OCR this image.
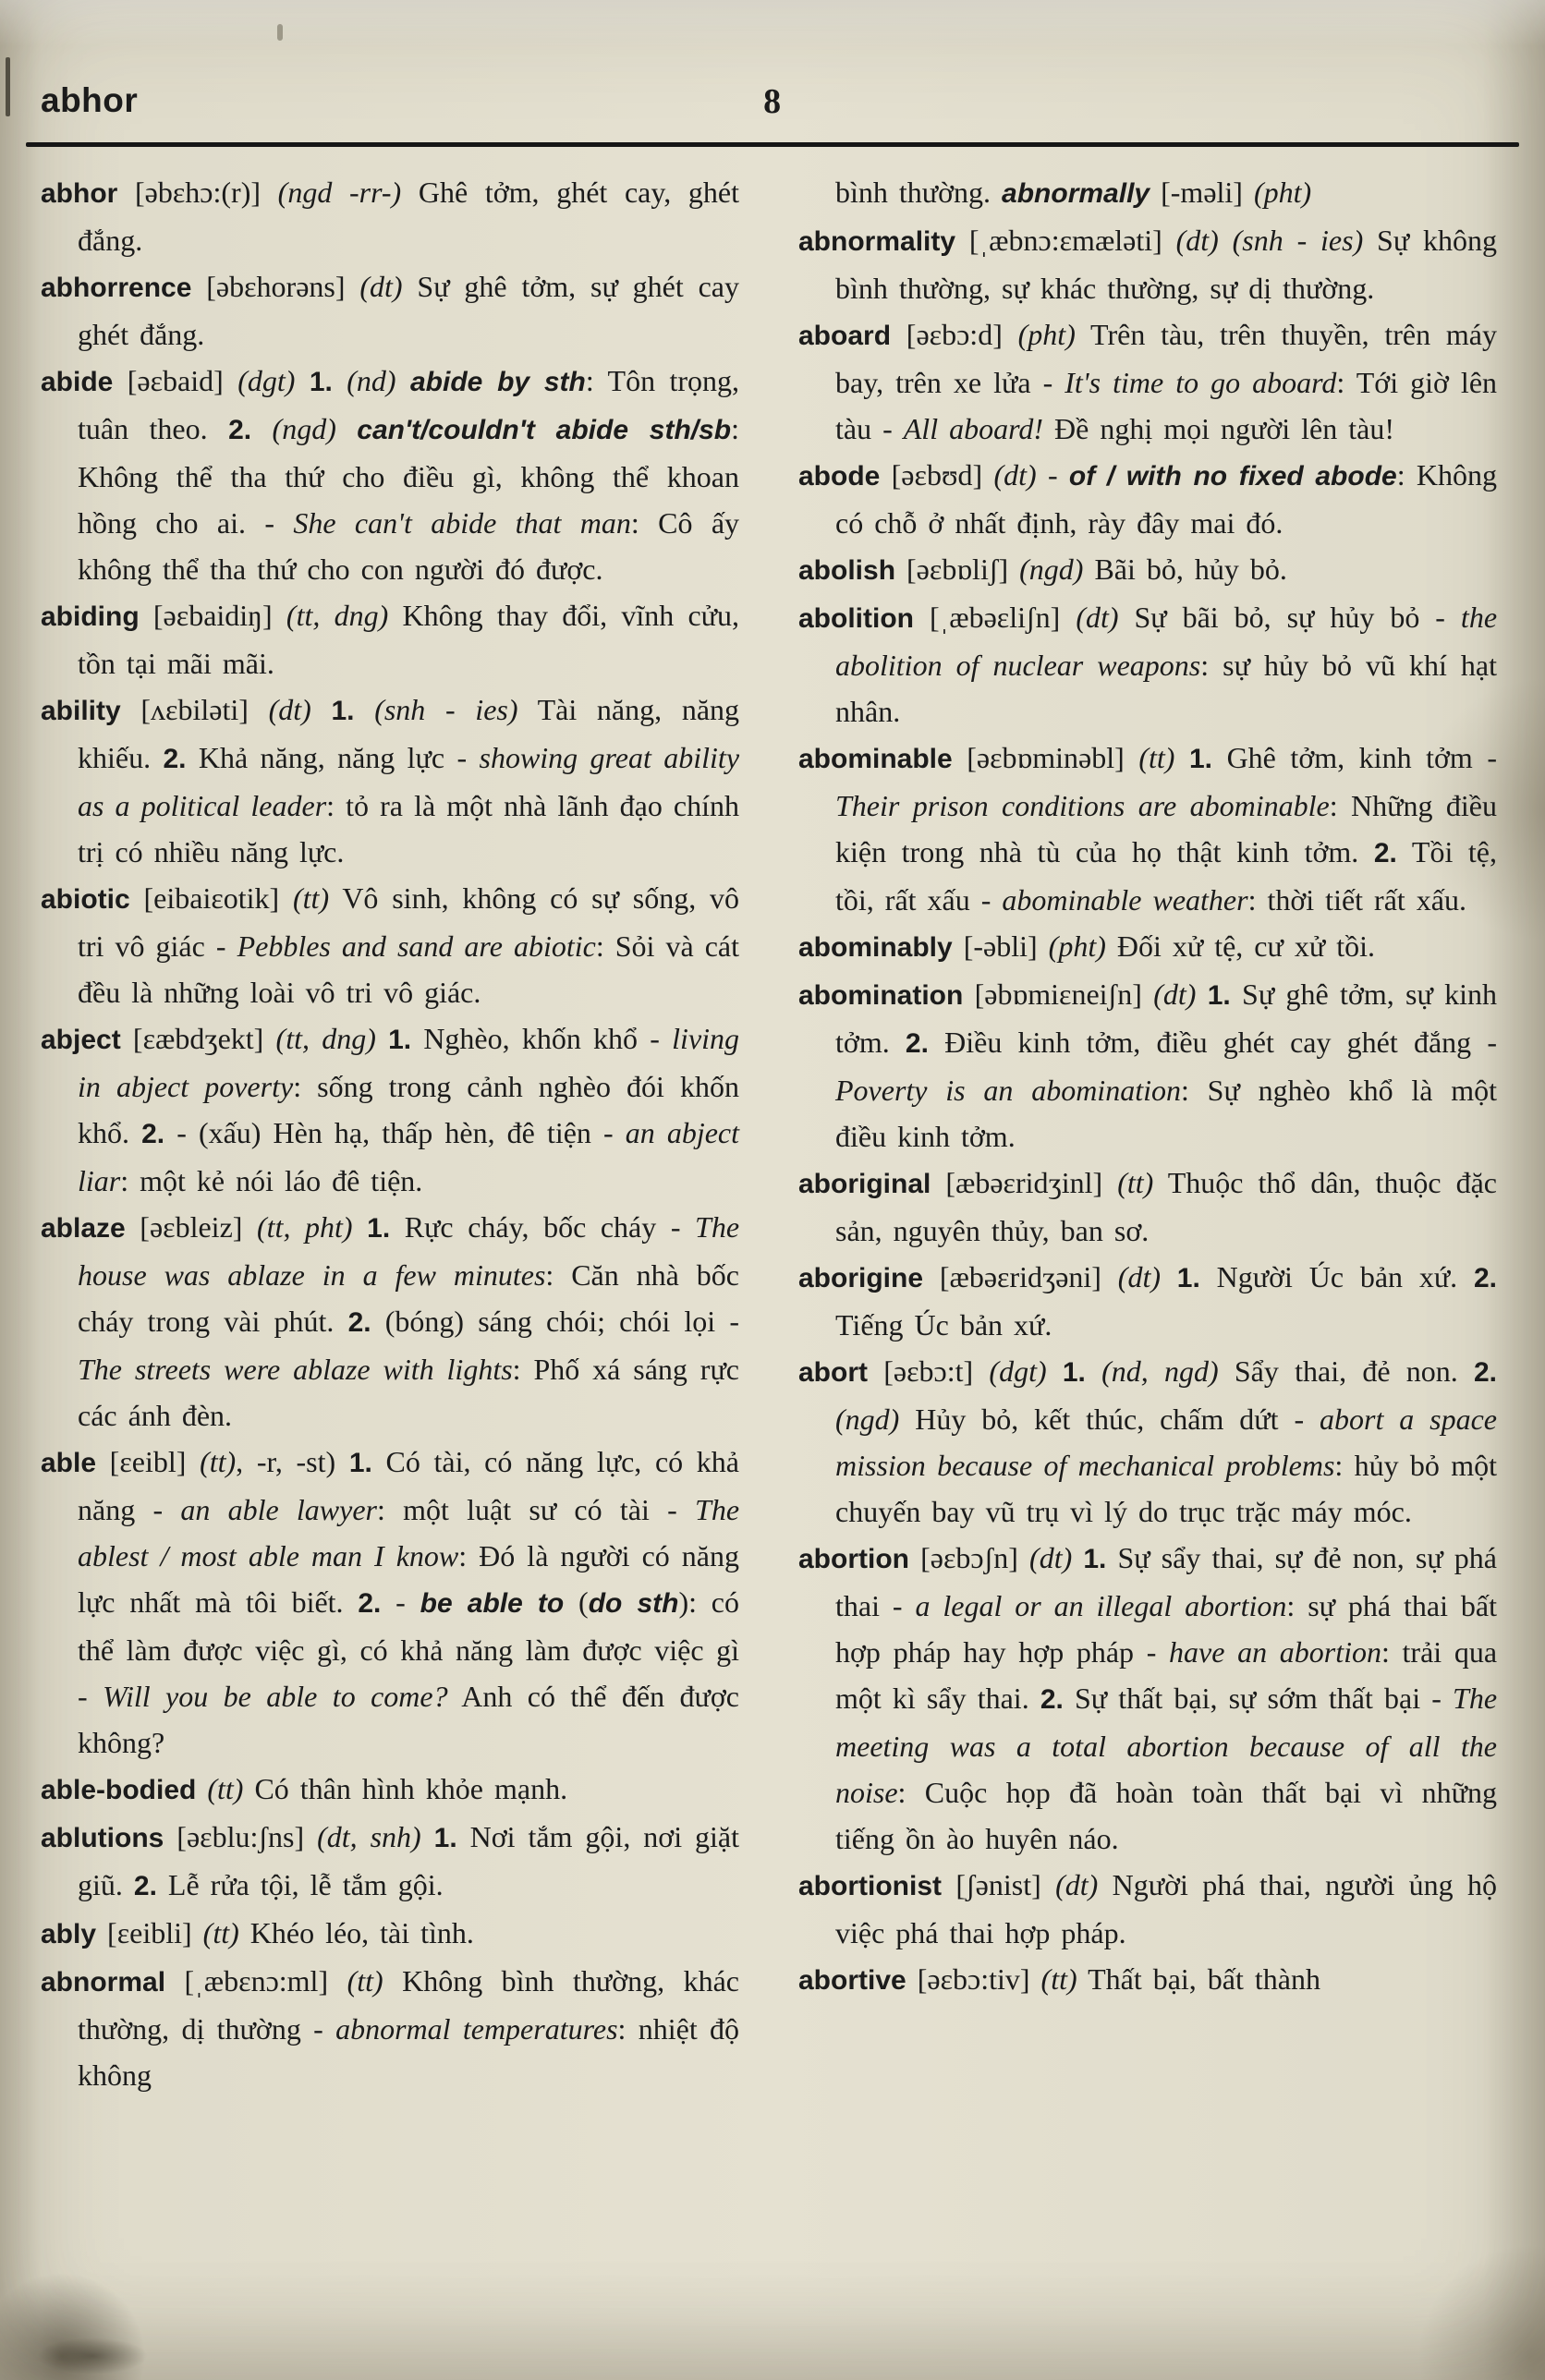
abhor	8

abhor [əbɛhɔ:(r)] (ngd -rr-) Ghê tởm, ghét cay, ghét đắng.

abhorrence [əbɛhorəns] (dt) Sự ghê tởm, sự ghét cay ghét đắng.

abide [əɛbaid] (dgt) 1. (nd) abide by sth: Tôn trọng, tuân theo. 2. (ngd) can't/couldn't abide sth/sb: Không thể tha thứ cho điều gì, không thể khoan hồng cho ai. - She can't abide that man: Cô ấy không thể tha thứ cho con người đó được.

abiding [əɛbaidiŋ] (tt, dng) Không thay đổi, vĩnh cửu, tồn tại mãi mãi.

ability [ʌɛbiləti] (dt) 1. (snh - ies) Tài năng, năng khiếu. 2. Khả năng, năng lực - showing great ability as a political leader: tỏ ra là một nhà lãnh đạo chính trị có nhiều năng lực.

abiotic [eibaiɛotik] (tt) Vô sinh, không có sự sống, vô tri vô giác - Pebbles and sand are abiotic: Sỏi và cát đều là những loài vô tri vô giác.

abject [ɛæbdʒekt] (tt, dng) 1. Nghèo, khốn khổ - living in abject poverty: sống trong cảnh nghèo đói khốn khổ. 2. - (xấu) Hèn hạ, thấp hèn, đê tiện - an abject liar: một kẻ nói láo đê tiện.

ablaze [əɛbleiz] (tt, pht) 1. Rực cháy, bốc cháy - The house was ablaze in a few minutes: Căn nhà bốc cháy trong vài phút. 2. (bóng) sáng chói; chói lọi - The streets were ablaze with lights: Phố xá sáng rực các ánh đèn.

able [ɛeibl] (tt), -r, -st) 1. Có tài, có năng lực, có khả năng - an able lawyer: một luật sư có tài - The ablest / most able man I know: Đó là người có năng lực nhất mà tôi biết. 2. - be able to (do sth): có thể làm được việc gì, có khả năng làm được việc gì - Will you be able to come? Anh có thể đến được không?

able-bodied (tt) Có thân hình khỏe mạnh.

ablutions [əɛblu:ʃns] (dt, snh) 1. Nơi tắm gội, nơi giặt giũ. 2. Lễ rửa tội, lễ tắm gội.

ably [ɛeibli] (tt) Khéo léo, tài tình.

abnormal [ˌæbɛnɔ:ml] (tt) Không bình thường, khác thường, dị thường - abnormal temperatures: nhiệt độ không

bình thường. abnormally [-məli] (pht)

abnormality [ˌæbnɔ:ɛmæləti] (dt) (snh - ies) Sự không bình thường, sự khác thường, sự dị thường.

aboard [əɛbɔ:d] (pht) Trên tàu, trên thuyền, trên máy bay, trên xe lửa - It's time to go aboard: Tới giờ lên tàu - All aboard! Đề nghị mọi người lên tàu!

abode [əɛbʊd] (dt) - of / with no fixed abode: Không có chỗ ở nhất định, rày đây mai đó.

abolish [əɛbɒliʃ] (ngd) Bãi bỏ, hủy bỏ.

abolition [ˌæbəɛliʃn] (dt) Sự bãi bỏ, sự hủy bỏ - the abolition of nuclear weapons: sự hủy bỏ vũ khí hạt nhân.

abominable [əɛbɒminəbl] (tt) 1. Ghê tởm, kinh tởm - Their prison conditions are abominable: Những điều kiện trong nhà tù của họ thật kinh tởm. 2. Tồi tệ, tồi, rất xấu - abominable weather: thời tiết rất xấu.

abominably [-əbli] (pht) Đối xử tệ, cư xử tồi.

abomination [əbɒmiɛneiʃn] (dt) 1. Sự ghê tởm, sự kinh tởm. 2. Điều kinh tởm, điều ghét cay ghét đắng - Poverty is an abomination: Sự nghèo khổ là một điều kinh tởm.

aboriginal [æbəɛridʒinl] (tt) Thuộc thổ dân, thuộc đặc sản, nguyên thủy, ban sơ.

aborigine [æbəɛridʒəni] (dt) 1. Người Úc bản xứ. 2. Tiếng Úc bản xứ.

abort [əɛbɔ:t] (dgt) 1. (nd, ngd) Sẩy thai, đẻ non. 2. (ngd) Hủy bỏ, kết thúc, chấm dứt - abort a space mission because of mechanical problems: hủy bỏ một chuyến bay vũ trụ vì lý do trục trặc máy móc.

abortion [əɛbɔʃn] (dt) 1. Sự sẩy thai, sự đẻ non, sự phá thai - a legal or an illegal abortion: sự phá thai bất hợp pháp hay hợp pháp - have an abortion: trải qua một kì sẩy thai. 2. Sự thất bại, sự sớm thất bại - The meeting was a total abortion because of all the noise: Cuộc họp đã hoàn toàn thất bại vì những tiếng ồn ào huyên náo.

abortionist [ʃənist] (dt) Người phá thai, người ủng hộ việc phá thai hợp pháp.

abortive [əɛbɔ:tiv] (tt) Thất bại, bất thành
